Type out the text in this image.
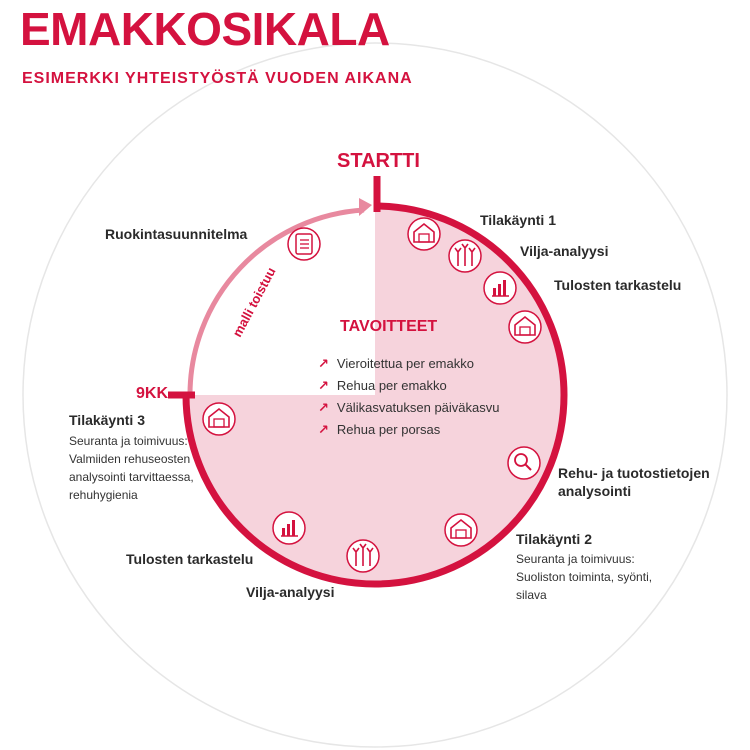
malli toistuu
EMAKKOSIKALA
ESIMERKKI YHTEISTYÖSTÄ VUODEN AIKANA
STARTTI
9KK
TAVOITTEET
↗ Vieroitettua per emakko
↗ Rehua per emakko
↗ Välikasvatuksen päiväkasvu
↗ Rehua per porsas
Tilakäynti 1
Vilja-analyysi
Tulosten tarkastelu
Rehu- ja tuotostietojen analysointi
Tilakäynti 2
Seuranta ja toimivuus: Suoliston toiminta, syönti, silava
Vilja-analyysi
Tulosten tarkastelu
Tilakäynti 3
Seuranta ja toimivuus: Valmiiden rehuseosten analysointi tarvittaessa, rehuhygienia
Ruokintasuunnitelma
